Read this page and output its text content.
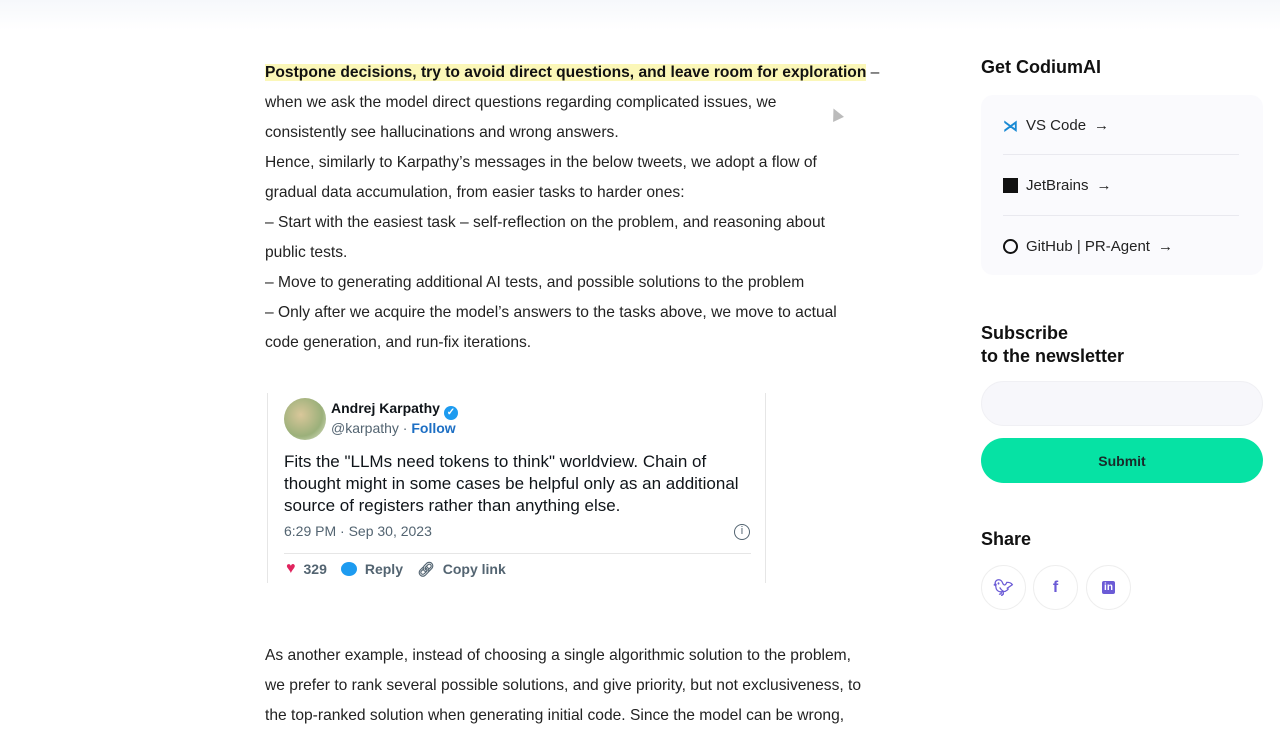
Postpone decisions, try to avoid direct questions, and leave room for exploration –
when we ask the model direct questions regarding complicated issues, we
consistently see hallucinations and wrong answers.
Hence, similarly to Karpathy’s messages in the below tweets, we adopt a flow of
gradual data accumulation, from easier tasks to harder ones:
– Start with the easiest task – self-reflection on the problem, and reasoning about
public tests.
– Move to generating additional AI tests, and possible solutions to the problem
– Only after we acquire the model’s answers to the tasks above, we move to actual
code generation, and run-fix iterations.
As another example, instead of choosing a single algorithmic solution to the problem,
we prefer to rank several possible solutions, and give priority, but not exclusiveness, to
the top-ranked solution when generating initial code. Since the model can be wrong,
Andrej Karpathy ✓
@karpathy · Follow
Fits the "LLMs need tokens to think" worldview. Chain of thought might in some cases be helpful only as an additional source of registers rather than anything else.
6:29 PM · Sep 30, 2023	i
♥ 329	Reply 🔗︎ Copy link
Get CodiumAI
⋊ VS Code →
JetBrains →
GitHub | PR-Agent →
Subscribe
to the newsletter
Submit
Share
🐦︎ f	in
